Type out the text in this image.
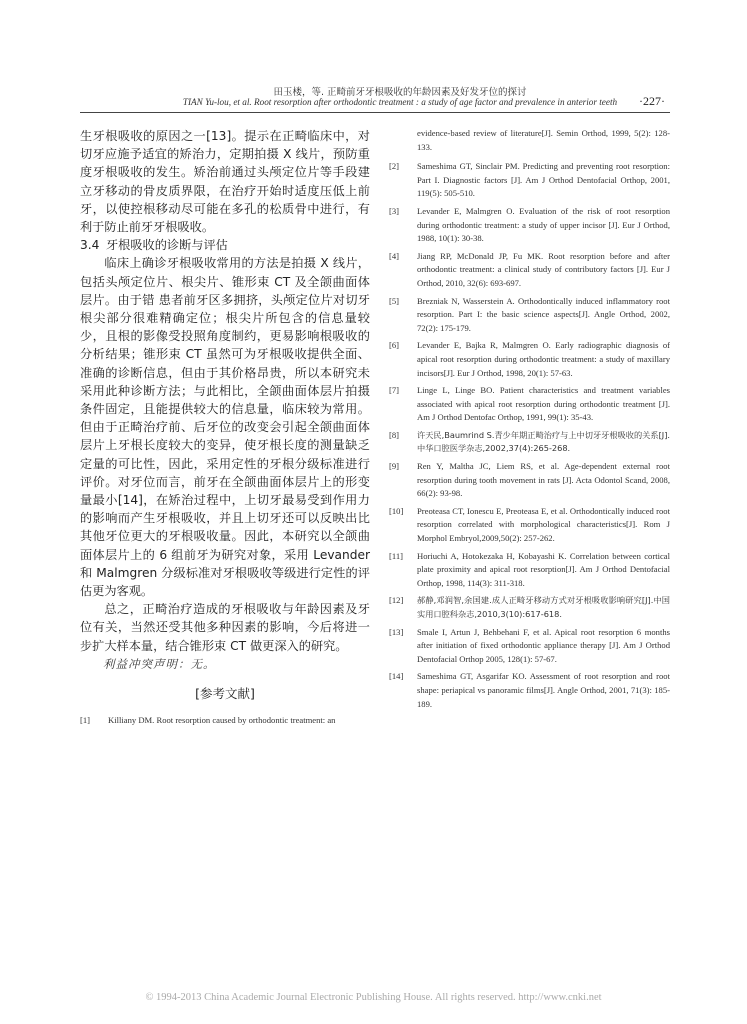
田玉楼，等. 正畸前牙牙根吸收的年龄因素及好发牙位的探讨
TIAN Yu-lou, et al. Root resorption after orthodontic treatment : a study of age factor and prevalence in anterior teeth	·227·

生牙根吸收的原因之一[13]。提示在正畸临床中，对切牙应施予适宜的矫治力，定期拍摄 X 线片，预防重度牙根吸收的发生。矫治前通过头颅定位片等手段建立牙移动的骨皮质界限，在治疗开始时适度压低上前牙，以使控根移动尽可能在多孔的松质骨中进行，有利于防止前牙牙根吸收。

3.4 牙根吸收的诊断与评估

临床上确诊牙根吸收常用的方法是拍摄 X 线片，包括头颅定位片、根尖片、锥形束 CT 及全颌曲面体层片。由于错 患者前牙区多拥挤，头颅定位片对切牙根尖部分很难精确定位；根尖片所包含的信息量较少，且根的影像受投照角度制约，更易影响根吸收的分析结果；锥形束 CT 虽然可为牙根吸收提供全面、准确的诊断信息，但由于其价格昂贵，所以本研究未采用此种诊断方法；与此相比，全颌曲面体层片拍摄条件固定，且能提供较大的信息量，临床较为常用。但由于正畸治疗前、后牙位的改变会引起全颌曲面体层片上牙根长度较大的变异，使牙根长度的测量缺乏定量的可比性，因此，采用定性的牙根分级标准进行评价。对牙位而言，前牙在全颌曲面体层片上的形变量最小[14]，在矫治过程中，上切牙最易受到作用力的影响而产生牙根吸收，并且上切牙还可以反映出比其他牙位更大的牙根吸收量。因此，本研究以全颌曲面体层片上的 6 组前牙为研究对象，采用 Levander 和 Malmgren 分级标准对牙根吸收等级进行定性的评估更为客观。

总之，正畸治疗造成的牙根吸收与年龄因素及牙位有关，当然还受其他多种因素的影响，今后将进一步扩大样本量，结合锥形束 CT 做更深入的研究。

利益冲突声明：无。

[参考文献]
[1]	Killiany DM. Root resorption caused by orthodontic treatment: an
evidence-based review of literature[J]. Semin Orthod, 1999, 5(2): 128- 133.
[2]	Sameshima GT, Sinclair PM. Predicting and preventing root resorption: Part I. Diagnostic factors [J]. Am J Orthod Dentofacial Orthop, 2001, 119(5): 505-510.
[3]	Levander E, Malmgren O. Evaluation of the risk of root resorption during orthodontic treatment: a study of upper incisor [J]. Eur J Orthod, 1988, 10(1): 30-38.
[4]	Jiang RP, McDonald JP, Fu MK. Root resorption before and after orthodontic treatment: a clinical study of contributory factors [J]. Eur J Orthod, 2010, 32(6): 693-697.
[5]	Brezniak N, Wasserstein A. Orthodontically induced inflammatory root resorption. Part I: the basic science aspects[J]. Angle Orthod, 2002, 72(2): 175-179.
[6]	Levander E, Bajka R, Malmgren O. Early radiographic diagnosis of apical root resorption during orthodontic treatment: a study of maxillary incisors[J]. Eur J Orthod, 1998, 20(1): 57-63.
[7]	Linge L, Linge BO. Patient characteristics and treatment variables associated with apical root resorption during orthodontic treatment [J]. Am J Orthod Dentofac Orthop, 1991, 99(1): 35-43.
[8]	许天民,Baumrind S.青少年期正畸治疗与上中切牙牙根吸收的关系[J].中华口腔医学杂志,2002,37(4):265-268.
[9]	Ren Y, Maltha JC, Liem RS, et al. Age-dependent external root resorption during tooth movement in rats [J]. Acta Odontol Scand, 2008, 66(2): 93-98.
[10]	Preoteasa CT, Ionescu E, Preoteasa E, et al. Orthodontically induced root resorption correlated with morphological characteristics[J]. Rom J Morphol Embryol,2009,50(2): 257-262.
[11]	Horiuchi A, Hotokezaka H, Kobayashi K. Correlation between cortical plate proximity and apical root resorption[J]. Am J Orthod Dentofacial Orthop, 1998, 114(3): 311-318.
[12]	郝静,邓润智,余国建.成人正畸牙移动方式对牙根吸收影响研究[J].中国实用口腔科杂志,2010,3(10):617-618.
[13]	Smale I, Artun J, Behbehani F, et al. Apical root resorption 6 months after initiation of fixed orthodontic appliance therapy [J]. Am J Orthod Dentofacial Orthop 2005, 128(1): 57-67.
[14]	Sameshima GT, Asgarifar KO. Assessment of root resorption and root shape: periapical vs panoramic films[J]. Angle Orthod, 2001, 71(3): 185-189.
© 1994-2013 China Academic Journal Electronic Publishing House. All rights reserved. http://www.cnki.net
